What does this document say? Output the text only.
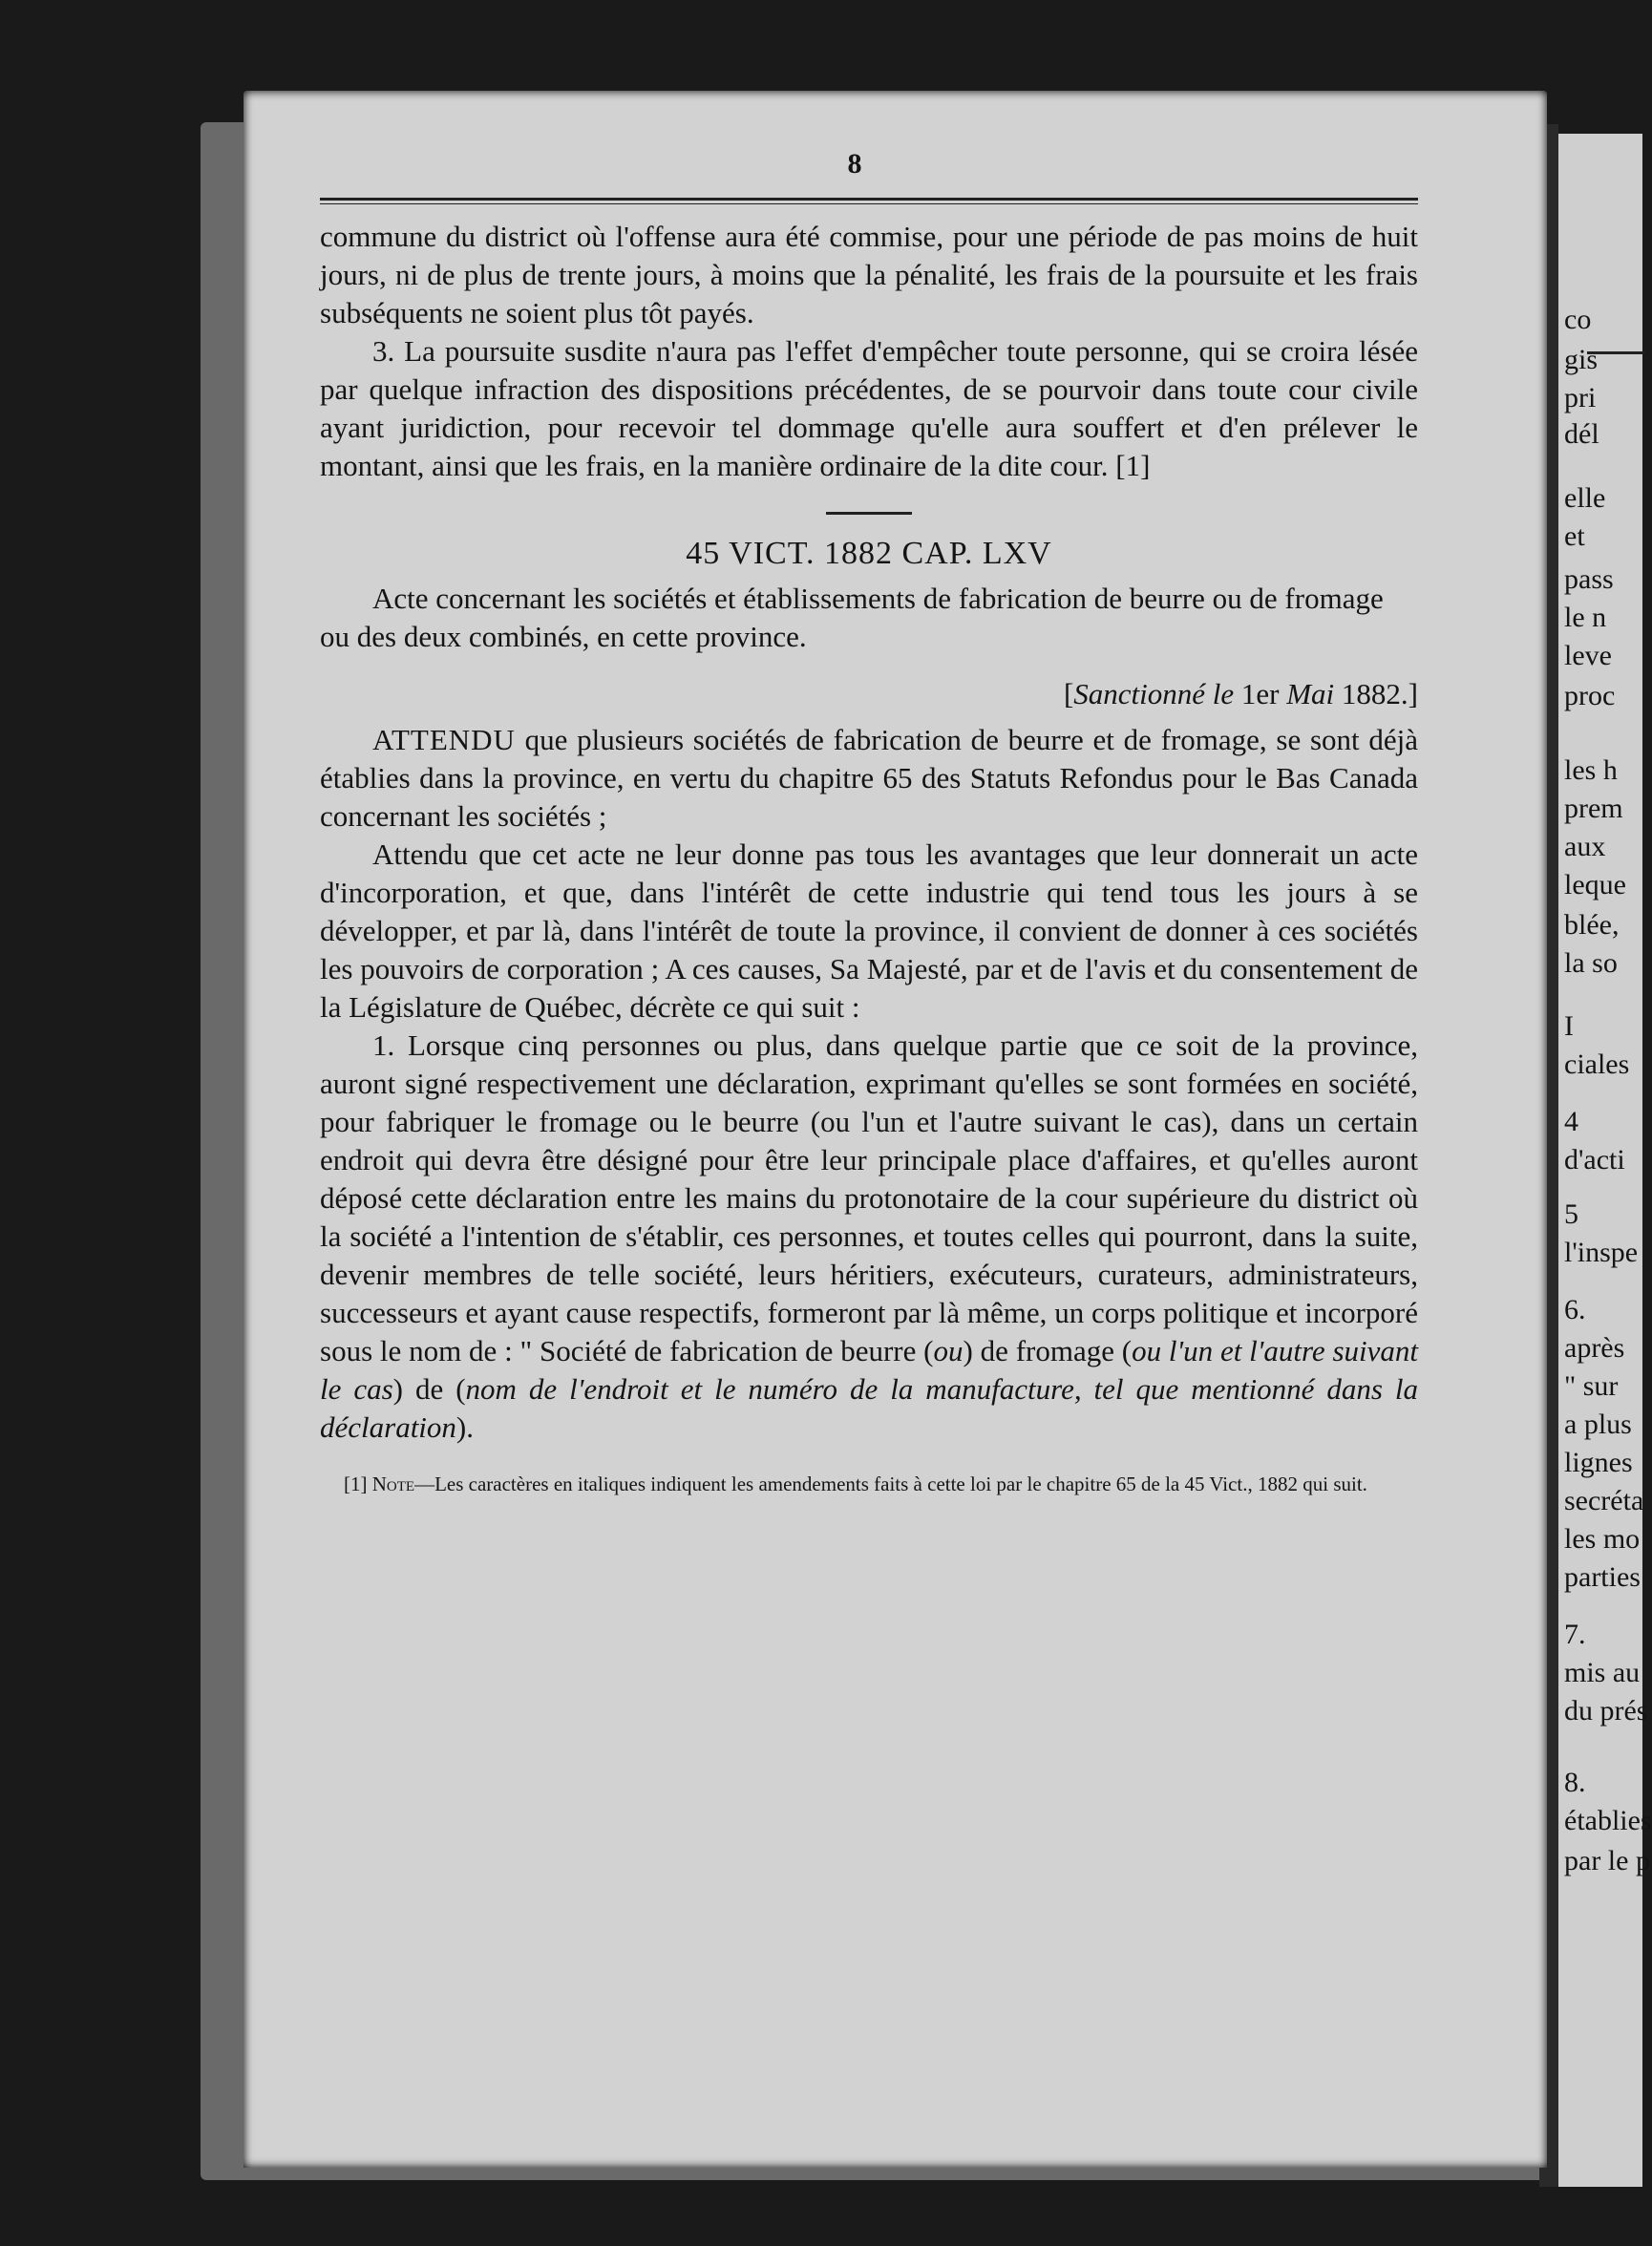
8

commune du district où l'offense aura été commise, pour une période de pas moins de huit jours, ni de plus de trente jours, à moins que la pénalité, les frais de la poursuite et les frais subséquents ne soient plus tôt payés.

3. La poursuite susdite n'aura pas l'effet d'empêcher toute personne, qui se croira lésée par quelque infraction des dispositions précédentes, de se pourvoir dans toute cour civile ayant juridiction, pour recevoir tel dommage qu'elle aura souffert et d'en prélever le montant, ainsi que les frais, en la manière ordinaire de la dite cour. [1]

45 VICT. 1882 CAP. LXV

Acte concernant les sociétés et établissements de fabrication de beurre ou de fromage ou des deux combinés, en cette province.

[Sanctionné le 1er Mai 1882.]

ATTENDU que plusieurs sociétés de fabrication de beurre et de fromage, se sont déjà établies dans la province, en vertu du chapitre 65 des Statuts Refondus pour le Bas Canada concernant les sociétés ;

Attendu que cet acte ne leur donne pas tous les avantages que leur donnerait un acte d'incorporation, et que, dans l'intérêt de cette industrie qui tend tous les jours à se développer, et par là, dans l'intérêt de toute la province, il convient de donner à ces sociétés les pouvoirs de corporation ; A ces causes, Sa Majesté, par et de l'avis et du consentement de la Législature de Québec, décrète ce qui suit :

1. Lorsque cinq personnes ou plus, dans quelque partie que ce soit de la province, auront signé respectivement une déclaration, exprimant qu'elles se sont formées en société, pour fabriquer le fromage ou le beurre (ou l'un et l'autre suivant le cas), dans un certain endroit qui devra être désigné pour être leur principale place d'affaires, et qu'elles auront déposé cette déclaration entre les mains du protonotaire de la cour supérieure du district où la société a l'intention de s'établir, ces personnes, et toutes celles qui pourront, dans la suite, devenir membres de telle société, leurs héritiers, exécuteurs, curateurs, administrateurs, successeurs et ayant cause respectifs, formeront par là même, un corps politique et incorporé sous le nom de : " Société de fabrication de beurre (ou) de fromage (ou l'un et l'autre suivant le cas) de (nom de l'endroit et le numéro de la manufacture, tel que mentionné dans la déclaration).

[1] Note—Les caractères en italiques indiquent les amendements faits à cette loi par le chapitre 65 de la 45 Vict., 1882 qui suit.

co
gis
pri
dél
elle
et
pass
le n
leve
proc
les h
prem
aux
leque
blée,
la so
I
ciales
4
d'acti
5
l'inspe
6.
après
" sur
a plus
lignes
secréta
les mo
parties
7.
mis au
du prés
8.
établies
par le p
